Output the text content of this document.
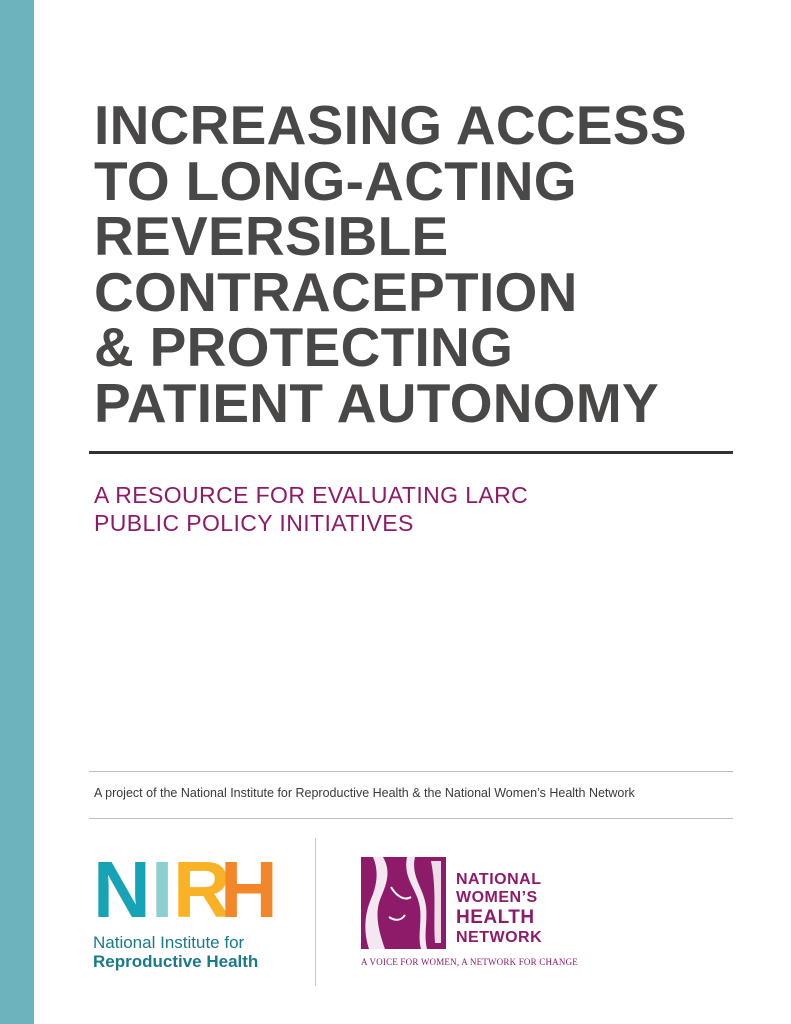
INCREASING ACCESS
TO LONG-ACTING
REVERSIBLE
CONTRACEPTION
& PROTECTING
PATIENT AUTONOMY
A RESOURCE FOR EVALUATING LARC
PUBLIC POLICY INITIATIVES
A project of the National Institute for Reproductive Health & the National Women’s Health Network
N I R
H
National Institute for
Reproductive Health
NATIONAL
WOMEN’S
HEALTH
NETWORK
A VOICE FOR WOMEN, A NETWORK FOR CHANGE
